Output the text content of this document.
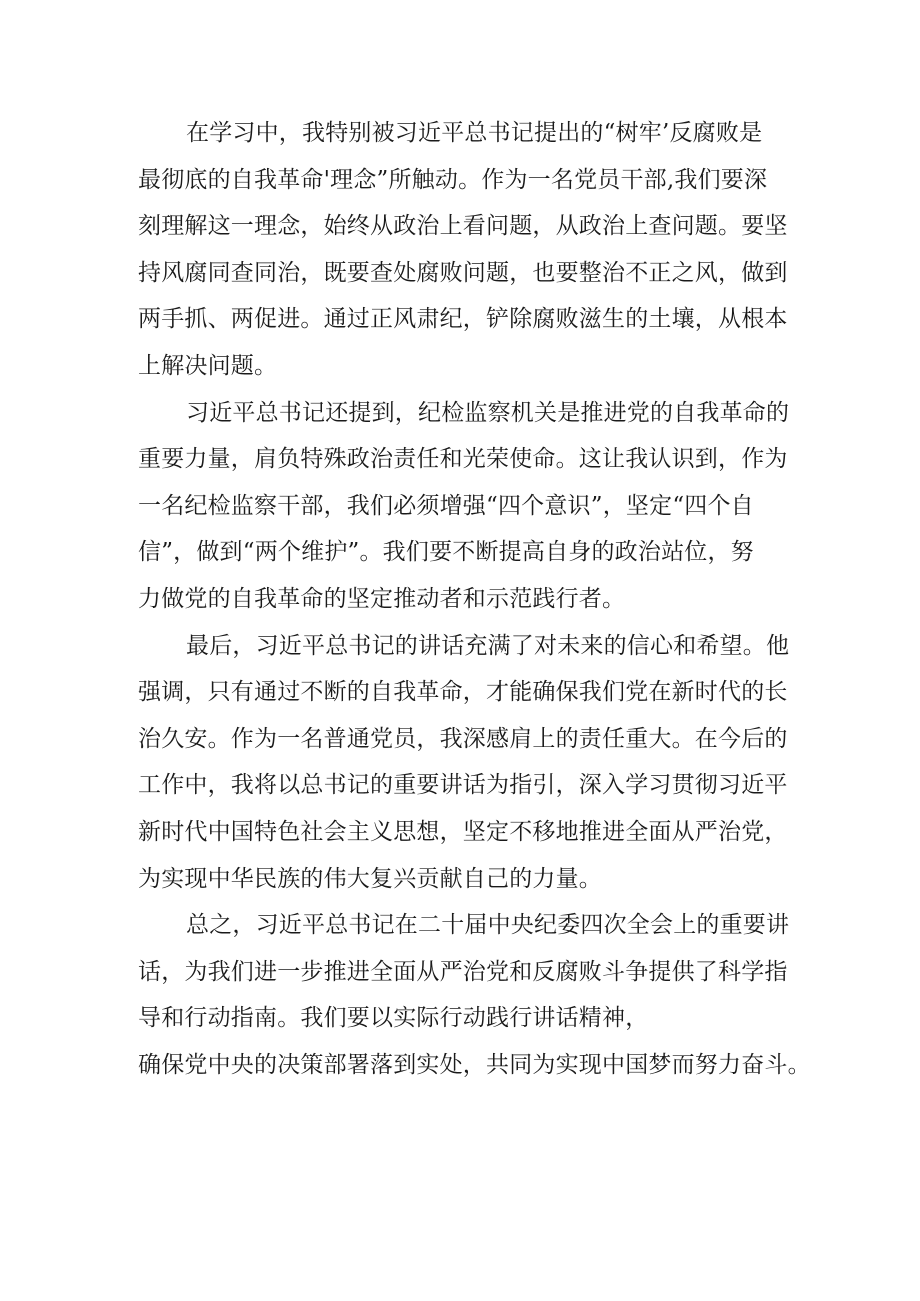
在学习中，我特别被习近平总书记提出的“树牢’反腐败是
最彻底的自我革命'理念”所触动。作为一名党员干部,我们要深
刻理解这一理念，始终从政治上看问题，从政治上查问题。要坚
持风腐同查同治，既要查处腐败问题，也要整治不正之风，做到
两手抓、两促进。通过正风肃纪，铲除腐败滋生的土壤，从根本
上解决问题。
习近平总书记还提到，纪检监察机关是推进党的自我革命的
重要力量，肩负特殊政治责任和光荣使命。这让我认识到，作为
一名纪检监察干部，我们必须增强“四个意识”，坚定“四个自
信”，做到“两个维护”。我们要不断提高自身的政治站位，努
力做党的自我革命的坚定推动者和示范践行者。
最后，习近平总书记的讲话充满了对未来的信心和希望。他
强调，只有通过不断的自我革命，才能确保我们党在新时代的长
治久安。作为一名普通党员，我深感肩上的责任重大。在今后的
工作中，我将以总书记的重要讲话为指引，深入学习贯彻习近平
新时代中国特色社会主义思想，坚定不移地推进全面从严治党，
为实现中华民族的伟大复兴贡献自己的力量。
总之，习近平总书记在二十届中央纪委四次全会上的重要讲
话，为我们进一步推进全面从严治党和反腐败斗争提供了科学指
导和行动指南。我们要以实际行动践行讲话精神，
确保党中央的决策部署落到实处，共同为实现中国梦而努力奋斗。
